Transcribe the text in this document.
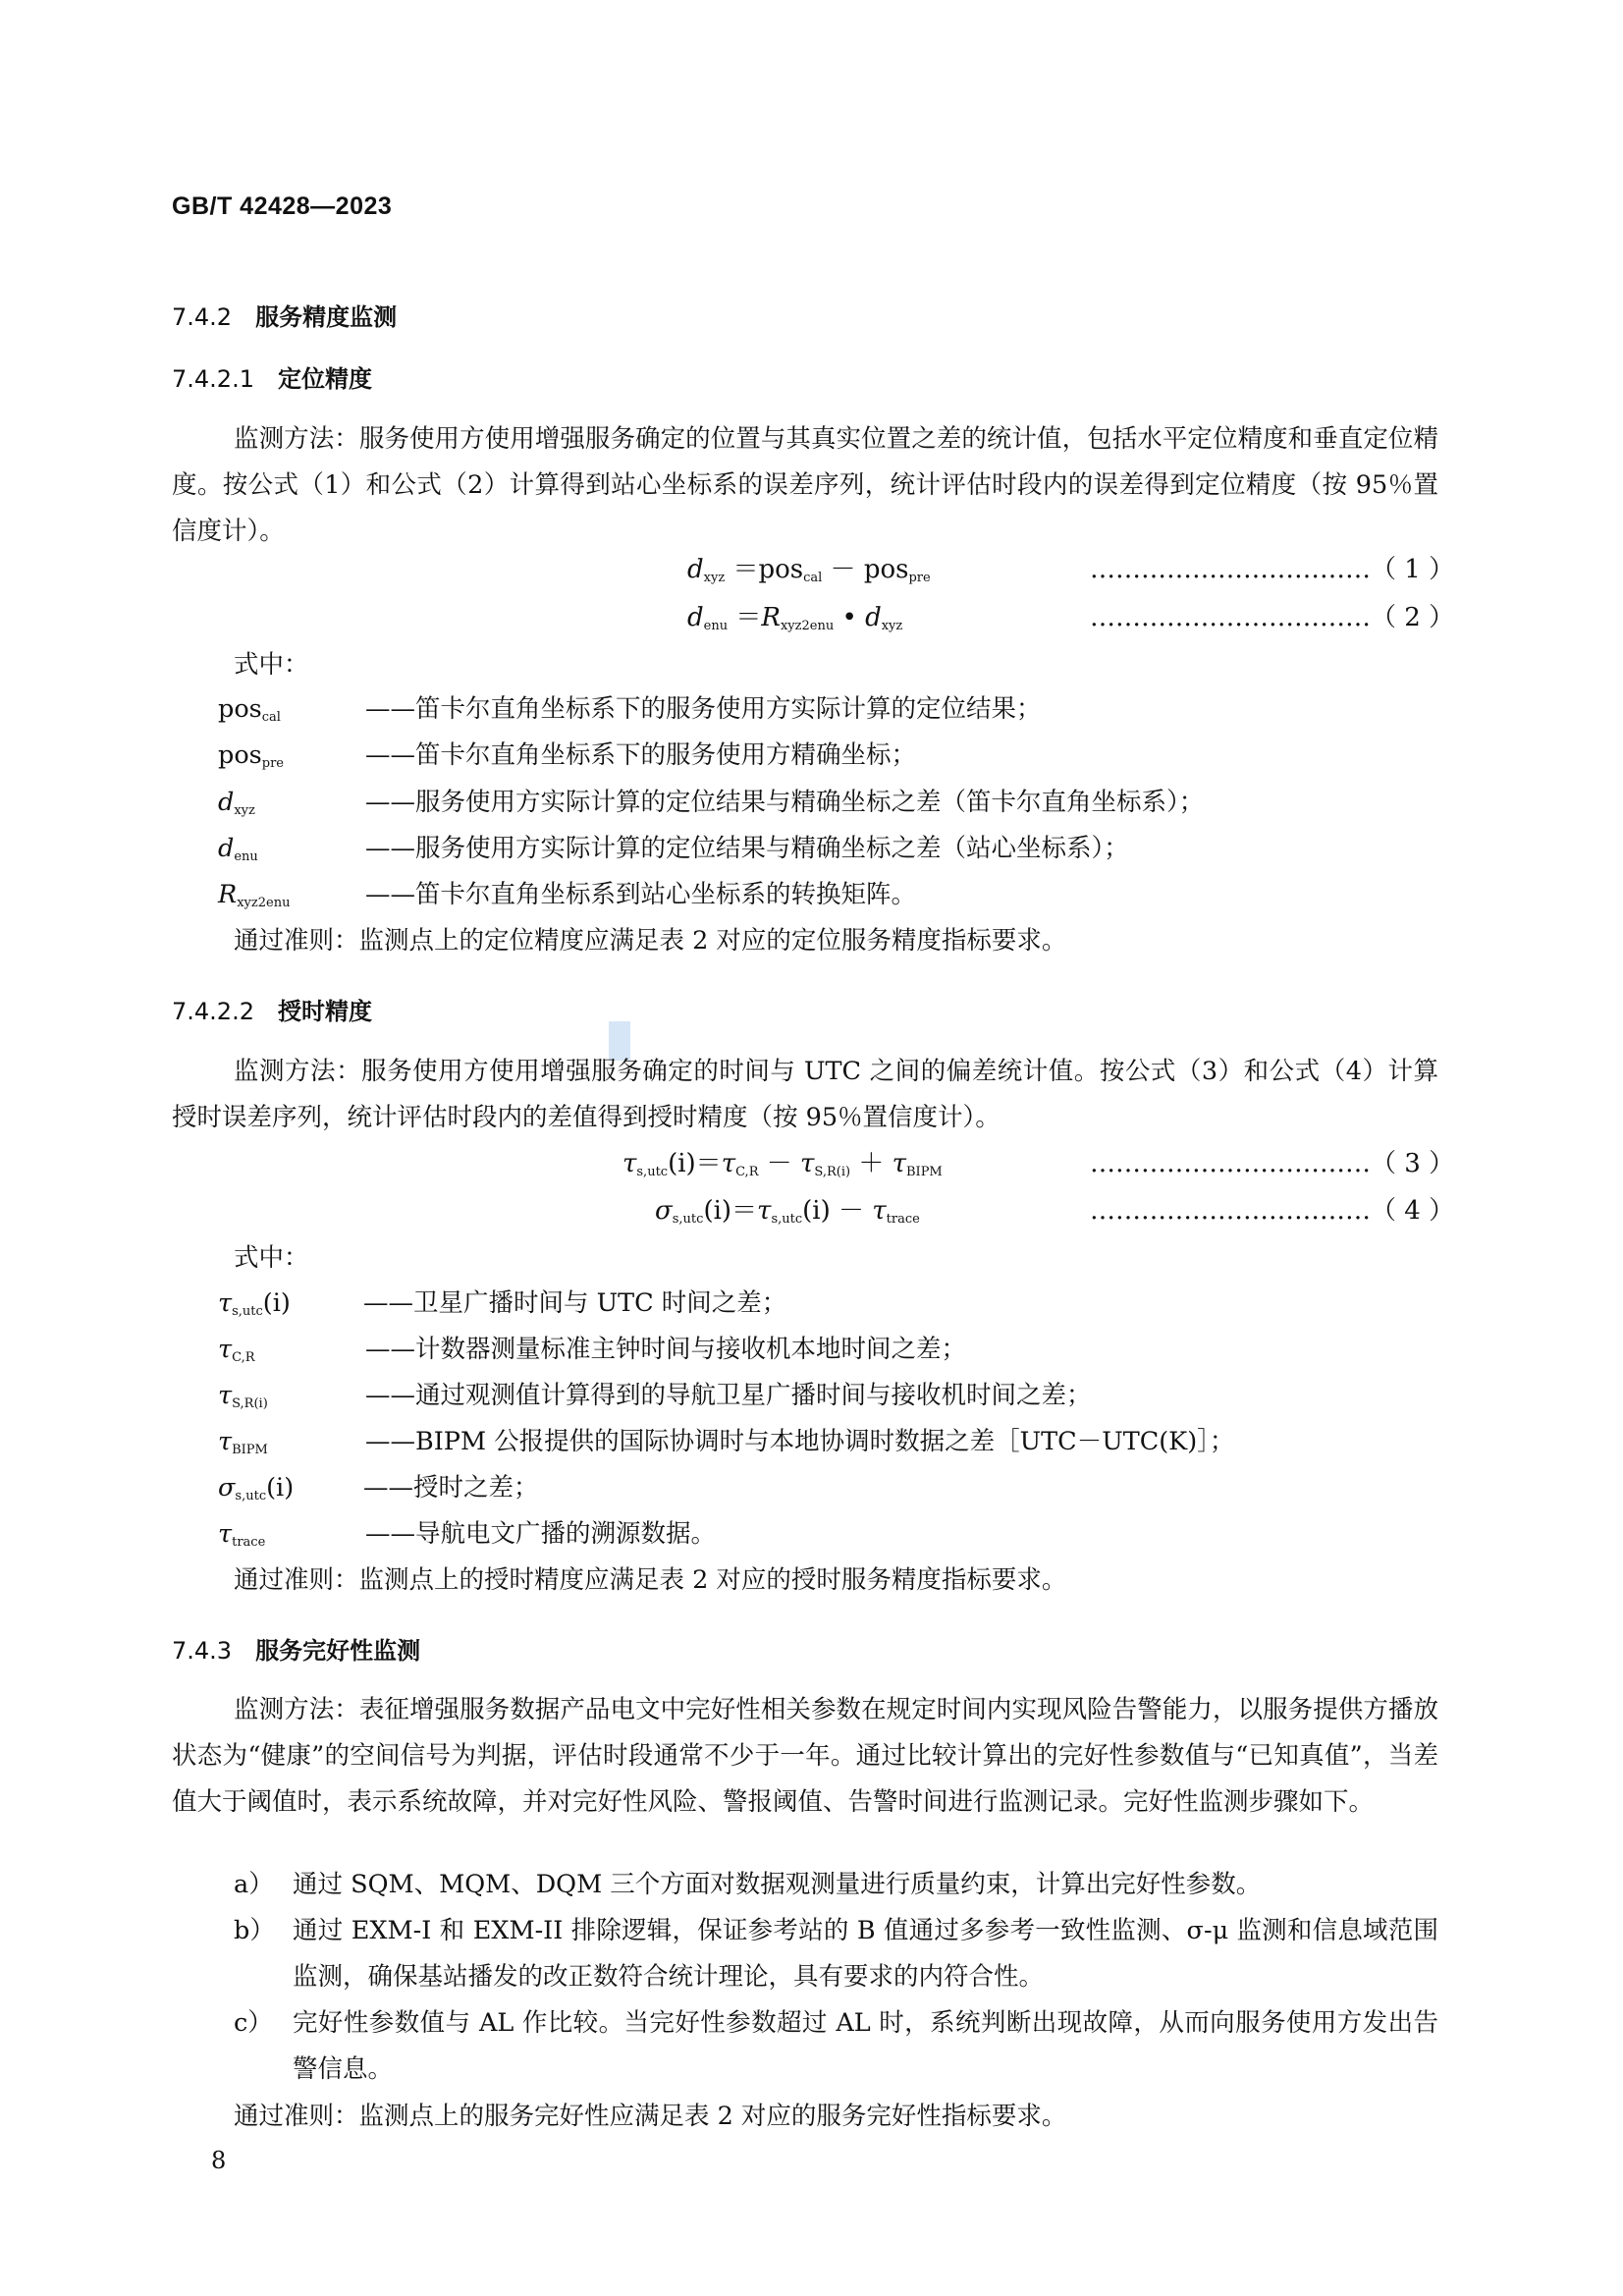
GB/T 42428—2023
7.4.2 服务精度监测
7.4.2.1 定位精度
监测方法：服务使用方使用增强服务确定的位置与其真实位置之差的统计值，包括水平定位精度和垂直定位精度。按公式（1）和公式（2）计算得到站心坐标系的误差序列，统计评估时段内的误差得到定位精度（按 95％置信度计）。
$d_{xyz} =pos_{cal} - pos_{pre}$	……………………………（ 1 ）
$d_{enu} =R_{xyz2enu}$ • $d_{xyz}$	……………………………（ 2 ）
式中：
pos$_{cal}$	——笛卡尔直角坐标系下的服务使用方实际计算的定位结果；
pos$_{pre}$	——笛卡尔直角坐标系下的服务使用方精确坐标；
$d_{xyz}$	——服务使用方实际计算的定位结果与精确坐标之差（笛卡尔直角坐标系）；
$d_{enu}$	——服务使用方实际计算的定位结果与精确坐标之差（站心坐标系）；
$R_{xyz2enu}$	——笛卡尔直角坐标系到站心坐标系的转换矩阵。
通过准则：监测点上的定位精度应满足表 2 对应的定位服务精度指标要求。
7.4.2.2 授时精度
监测方法：服务使用方使用增强服务确定的时间与 UTC 之间的偏差统计值。按公式（3）和公式（4）计算授时误差序列，统计评估时段内的差值得到授时精度（按 95％置信度计）。
$\tau_{s,utc}(i)=\tau_{C,R} - \tau_{S,R(i)} + \tau_{BIPM}$	……………………………（ 3 ）
$\sigma_{s,utc}(i)=\tau_{s,utc}(i) - \tau_{trace}$	……………………………（ 4 ）
式中：
$\tau_{s,utc}(i)$	——卫星广播时间与 UTC 时间之差；
$\tau_{C,R}$	——计数器测量标准主钟时间与接收机本地时间之差；
$\tau_{S,R(i)}$	——通过观测值计算得到的导航卫星广播时间与接收机时间之差；
$\tau_{BIPM}$	——BIPM 公报提供的国际协调时与本地协调时数据之差［UTC－UTC(K)］；
$\sigma_{s,utc}(i)$	——授时之差；
$\tau_{trace}$	——导航电文广播的溯源数据。
通过准则：监测点上的授时精度应满足表 2 对应的授时服务精度指标要求。
7.4.3 服务完好性监测
监测方法：表征增强服务数据产品电文中完好性相关参数在规定时间内实现风险告警能力，以服务提供方播放状态为“健康”的空间信号为判据，评估时段通常不少于一年。通过比较计算出的完好性参数值与“已知真值”，当差值大于阈值时，表示系统故障，并对完好性风险、警报阈值、告警时间进行监测记录。完好性监测步骤如下。
a） 通过 SQM、MQM、DQM 三个方面对数据观测量进行质量约束，计算出完好性参数。
b） 通过 EXM-I 和 EXM-II 排除逻辑，保证参考站的 B 值通过多参考一致性监测、σ-μ 监测和信息域范围监测，确保基站播发的改正数符合统计理论，具有要求的内符合性。
c） 完好性参数值与 AL 作比较。当完好性参数超过 AL 时，系统判断出现故障，从而向服务使用方发出告警信息。
通过准则：监测点上的服务完好性应满足表 2 对应的服务完好性指标要求。
8
